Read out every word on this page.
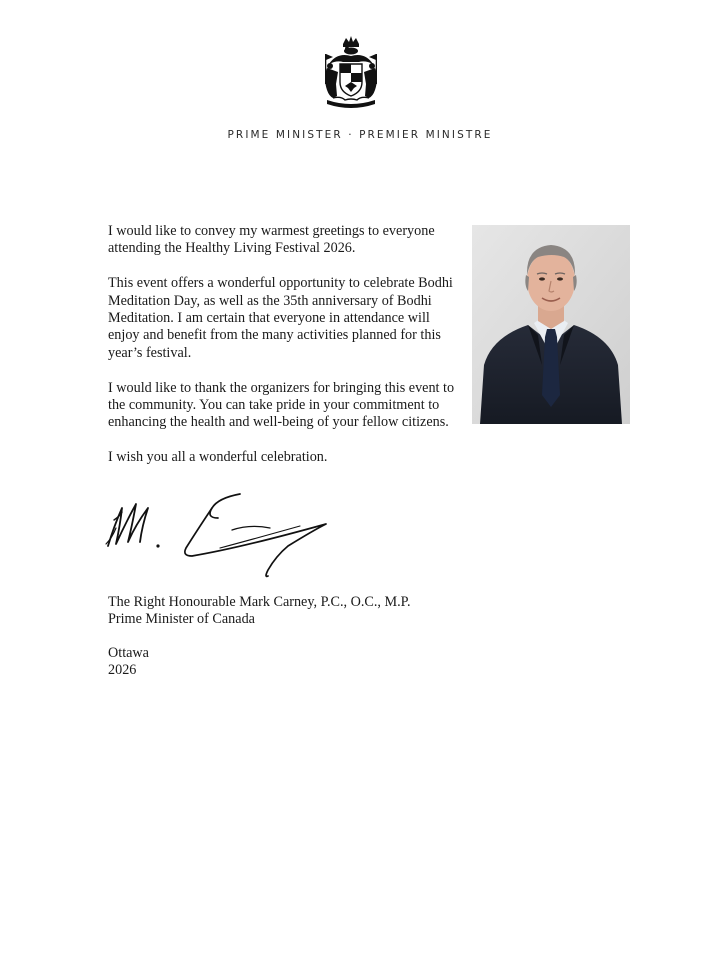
PRIME MINISTER · PREMIER MINISTRE

I would like to convey my warmest greetings to everyone attending the Healthy Living Festival 2026.

This event offers a wonderful opportunity to celebrate Bodhi Meditation Day, as well as the 35th anniversary of Bodhi Meditation. I am certain that everyone in attendance will enjoy and benefit from the many activities planned for this year’s festival.

I would like to thank the organizers for bringing this event to the community. You can take pride in your commitment to enhancing the health and well-being of your fellow citizens.

I wish you all a wonderful celebration.

The Right Honourable Mark Carney, P.C., O.C., M.P.
Prime Minister of Canada
Ottawa
2026
